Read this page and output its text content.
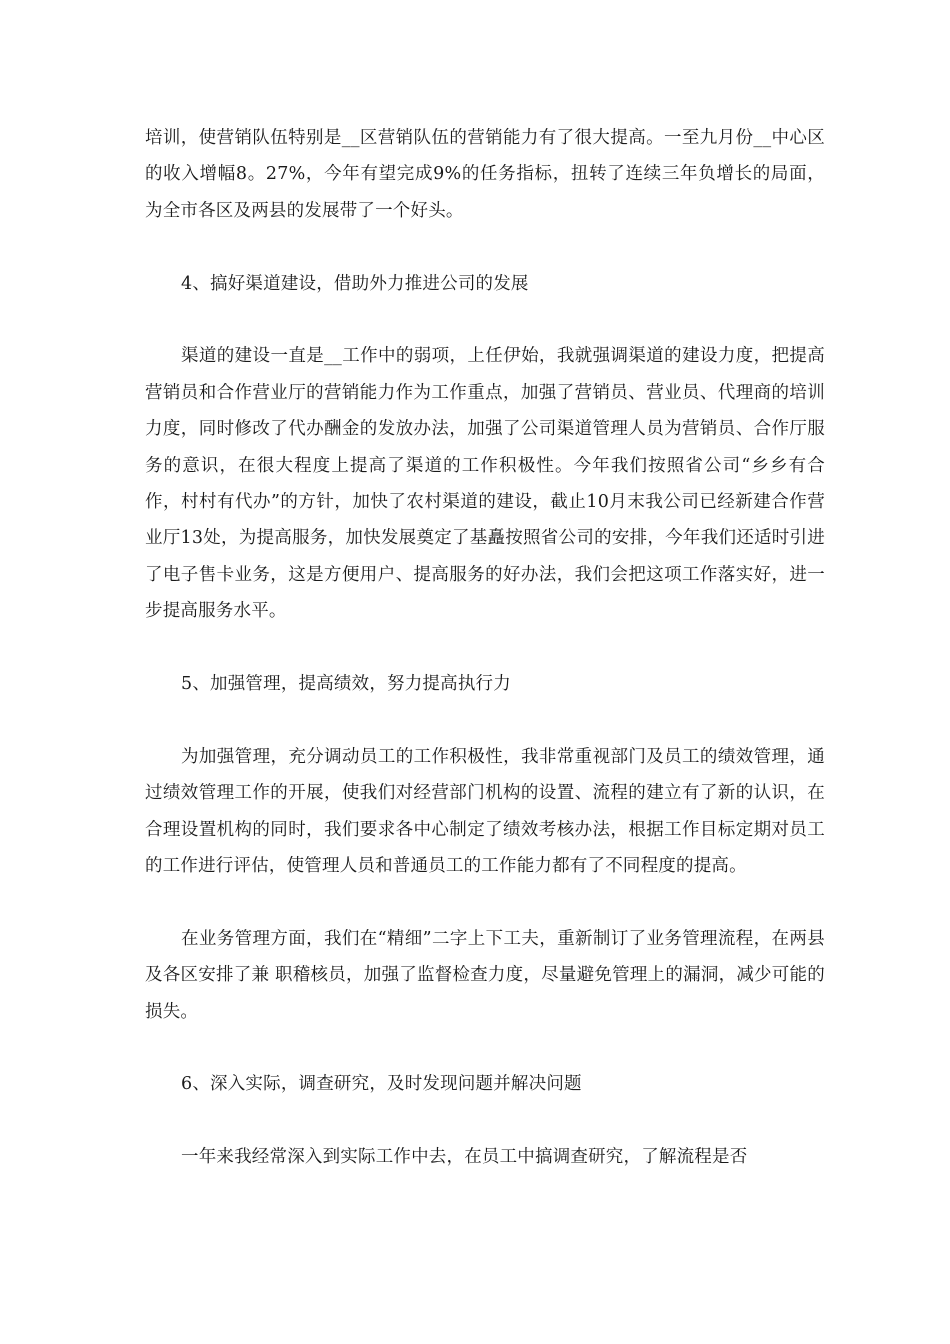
培训，使营销队伍特别是__区营销队伍的营销能力有了很大提高。一至九月份__中心区的收入增幅8。27%，今年有望完成9%的任务指标，扭转了连续三年负增长的局面，为全市各区及两县的发展带了一个好头。

4、搞好渠道建设，借助外力推进公司的发展

渠道的建设一直是__工作中的弱项，上任伊始，我就强调渠道的建设力度，把提高营销员和合作营业厅的营销能力作为工作重点，加强了营销员、营业员、代理商的培训力度，同时修改了代办酬金的发放办法，加强了公司渠道管理人员为营销员、合作厅服务的意识，在很大程度上提高了渠道的工作积极性。今年我们按照省公司“乡乡有合作，村村有代办”的方针，加快了农村渠道的建设，截止10月末我公司已经新建合作营业厅13处，为提高服务，加快发展奠定了基矗按照省公司的安排，今年我们还适时引进了电子售卡业务，这是方便用户、提高服务的好办法，我们会把这项工作落实好，进一步提高服务水平。

5、加强管理，提高绩效，努力提高执行力

为加强管理，充分调动员工的工作积极性，我非常重视部门及员工的绩效管理，通过绩效管理工作的开展，使我们对经营部门机构的设置、流程的建立有了新的认识，在合理设置机构的同时，我们要求各中心制定了绩效考核办法，根据工作目标定期对员工的工作进行评估，使管理人员和普通员工的工作能力都有了不同程度的提高。

在业务管理方面，我们在“精细”二字上下工夫，重新制订了业务管理流程，在两县及各区安排了兼 职稽核员，加强了监督检查力度，尽量避免管理上的漏洞，减少可能的损失。

6、深入实际，调查研究，及时发现问题并解决问题

一年来我经常深入到实际工作中去，在员工中搞调查研究，了解流程是否
